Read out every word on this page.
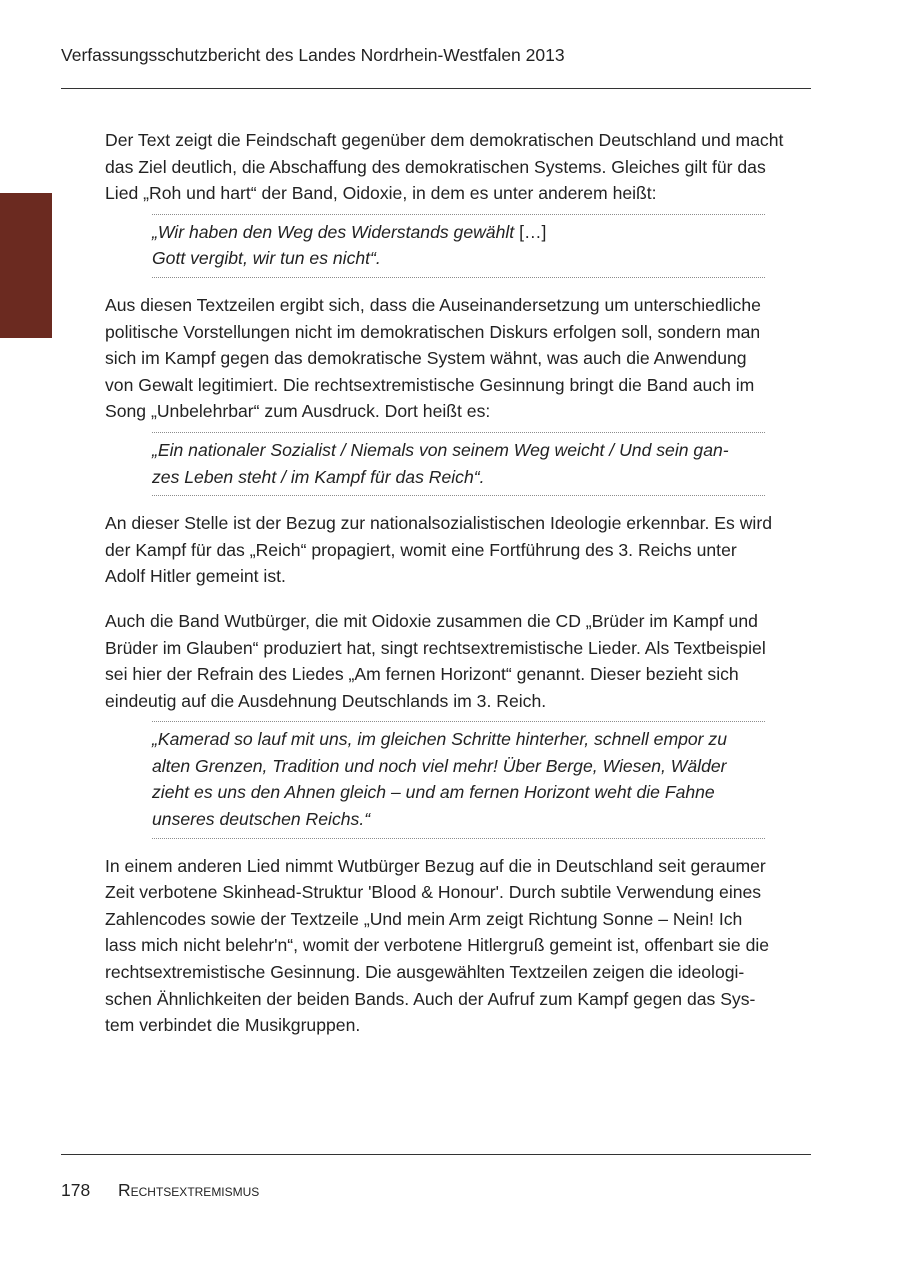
Verfassungsschutzbericht des Landes Nordrhein-Westfalen 2013

Der Text zeigt die Feindschaft gegenüber dem demokratischen Deutschland und macht
das Ziel deutlich, die Abschaffung des demokratischen Systems. Gleiches gilt für das
Lied „Roh und hart“ der Band, Oidoxie, in dem es unter anderem heißt:

„Wir haben den Weg des Widerstands gewählt […]
Gott vergibt, wir tun es nicht“.

Aus diesen Textzeilen ergibt sich, dass die Auseinandersetzung um unterschiedliche
politische Vorstellungen nicht im demokratischen Diskurs erfolgen soll, sondern man
sich im Kampf gegen das demokratische System wähnt, was auch die Anwendung
von Gewalt legitimiert. Die rechtsextremistische Gesinnung bringt die Band auch im
Song „Unbelehrbar“ zum Ausdruck. Dort heißt es:

„Ein nationaler Sozialist / Niemals von seinem Weg weicht / Und sein gan-
zes Leben steht / im Kampf für das Reich“.

An dieser Stelle ist der Bezug zur nationalsozialistischen Ideologie erkennbar. Es wird
der Kampf für das „Reich“ propagiert, womit eine Fortführung des 3. Reichs unter
Adolf Hitler gemeint ist.

Auch die Band Wutbürger, die mit Oidoxie zusammen die CD „Brüder im Kampf und
Brüder im Glauben“ produziert hat, singt rechtsextremistische Lieder. Als Textbeispiel
sei hier der Refrain des Liedes „Am fernen Horizont“ genannt. Dieser bezieht sich
eindeutig auf die Ausdehnung Deutschlands im 3. Reich.

„Kamerad so lauf mit uns, im gleichen Schritte hinterher, schnell empor zu
alten Grenzen, Tradition und noch viel mehr! Über Berge, Wiesen, Wälder
zieht es uns den Ahnen gleich – und am fernen Horizont weht die Fahne
unseres deutschen Reichs.“

In einem anderen Lied nimmt Wutbürger Bezug auf die in Deutschland seit geraumer
Zeit verbotene Skinhead-Struktur 'Blood & Honour'. Durch subtile Verwendung eines
Zahlencodes sowie der Textzeile „Und mein Arm zeigt Richtung Sonne – Nein! Ich
lass mich nicht belehr'n“, womit der verbotene Hitlergruß gemeint ist, offenbart sie die
rechtsextremistische Gesinnung. Die ausgewählten Textzeilen zeigen die ideologi-
schen Ähnlichkeiten der beiden Bands. Auch der Aufruf zum Kampf gegen das Sys-
tem verbindet die Musikgruppen.

178 Rechtsextremismus
